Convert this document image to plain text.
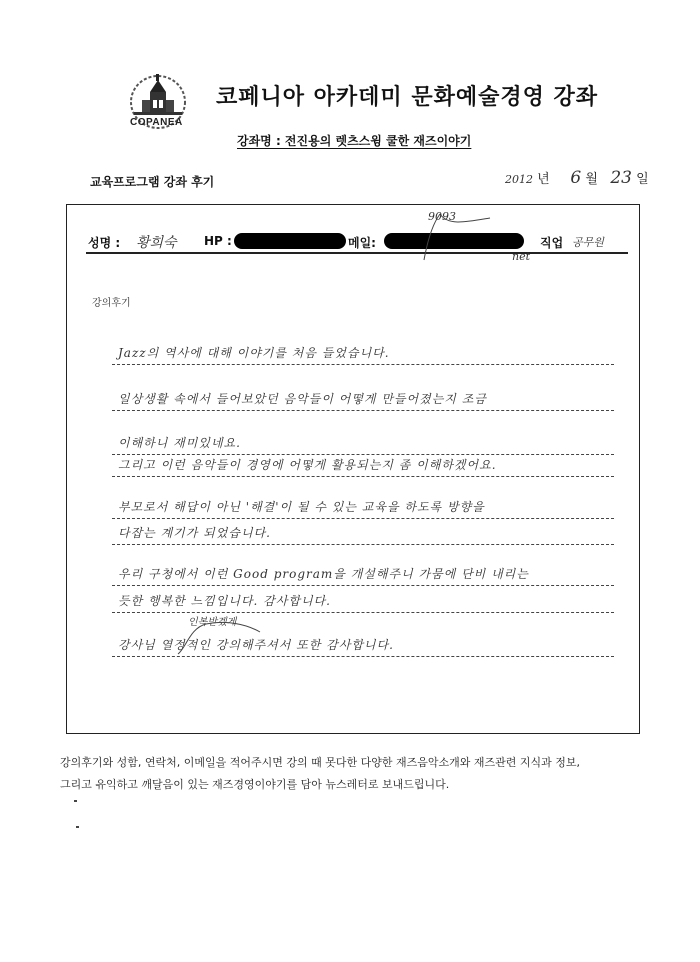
COPANEA
코페니아 아카데미 문화예술경영 강좌
강좌명 : 전진용의 렛츠스윙 쿨한 재즈이야기
교육프로그램 강좌 후기	2012 년 6 월 23 일
성명 : 황희숙 HP :	메일:	직업 공무원
9093
net
강의후기
Jazz의 역사에 대해 이야기를 처음 들었습니다.
일상생활 속에서 들어보았던 음악들이 어떻게 만들어졌는지 조금
이해하니 재미있네요.
그리고 이런 음악들이 경영에 어떻게 활용되는지 좀 이해하겠어요.
부모로서 해답이 아닌 '해결'이 될 수 있는 교육을 하도록 방향을
다잡는 계기가 되었습니다.
우리 구청에서 이런 Good program을 개설해주니 가뭄에 단비 내리는
듯한 행복한 느낌입니다. 감사합니다.
강사님 열정적인 강의해주셔서 또한 감사합니다.
인복받겠게

강의후기와 성함, 연락처, 이메일을 적어주시면 강의 때 못다한 다양한 재즈음악소개와 재즈관련 지식과 정보,

그리고 유익하고 깨달음이 있는 재즈경영이야기를 담아 뉴스레터로 보내드립니다.
